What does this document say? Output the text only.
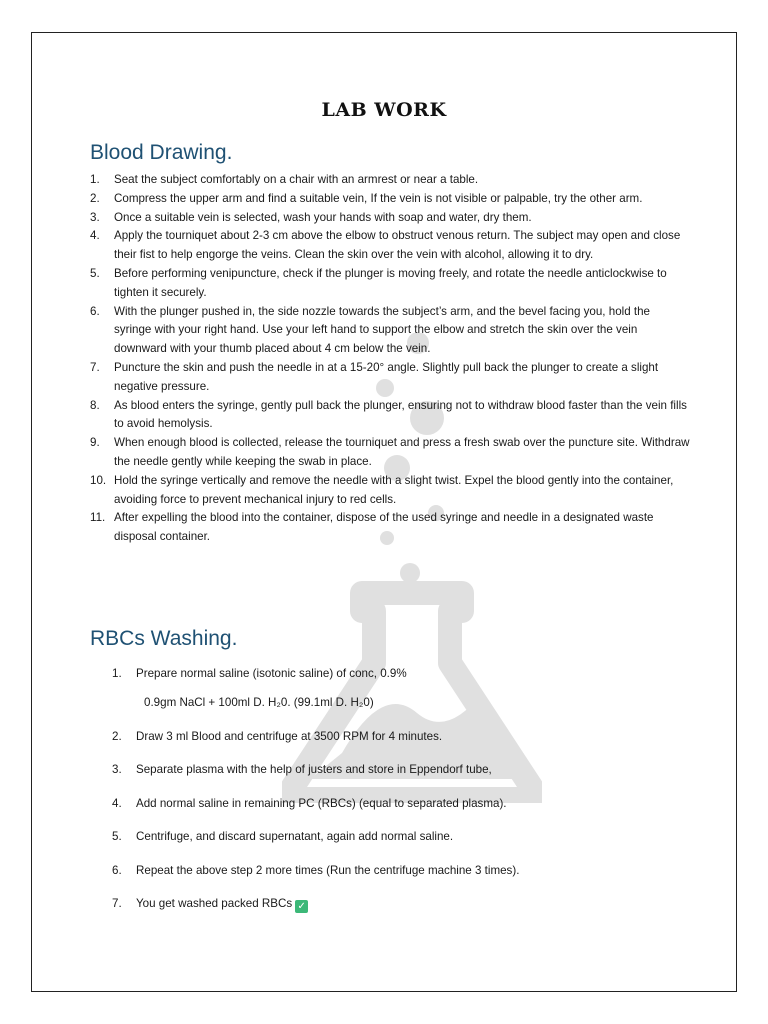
LAB WORK
Blood Drawing.
1. Seat the subject comfortably on a chair with an armrest or near a table.
2. Compress the upper arm and find a suitable vein, If the vein is not visible or palpable, try the other arm.
3. Once a suitable vein is selected, wash your hands with soap and water, dry them.
4. Apply the tourniquet about 2-3 cm above the elbow to obstruct venous return. The subject may open and close their fist to help engorge the veins. Clean the skin over the vein with alcohol, allowing it to dry.
5. Before performing venipuncture, check if the plunger is moving freely, and rotate the needle anticlockwise to tighten it securely.
6. With the plunger pushed in, the side nozzle towards the subject’s arm, and the bevel facing you, hold the syringe with your right hand. Use your left hand to support the elbow and stretch the skin over the vein downward with your thumb placed about 4 cm below the vein.
7. Puncture the skin and push the needle in at a 15-20° angle. Slightly pull back the plunger to create a slight negative pressure.
8. As blood enters the syringe, gently pull back the plunger, ensuring not to withdraw blood faster than the vein fills to avoid hemolysis.
9. When enough blood is collected, release the tourniquet and press a fresh swab over the puncture site. Withdraw the needle gently while keeping the swab in place.
10. Hold the syringe vertically and remove the needle with a slight twist. Expel the blood gently into the container, avoiding force to prevent mechanical injury to red cells.
11. After expelling the blood into the container, dispose of the used syringe and needle in a designated waste disposal container.
RBCs Washing.
1. Prepare normal saline (isotonic saline) of conc, 0.9%
0.9gm NaCl + 100ml D. H₂0. (99.1ml D. H₂0)
2. Draw 3 ml Blood and centrifuge at 3500 RPM for 4 minutes.
3. Separate plasma with the help of justers and store in Eppendorf tube,
4. Add normal saline in remaining PC (RBCs) (equal to separated plasma).
5. Centrifuge, and discard supernatant, again add normal saline.
6. Repeat the above step 2 more times (Run the centrifuge machine 3 times).
7. You get washed packed RBCs ✓
